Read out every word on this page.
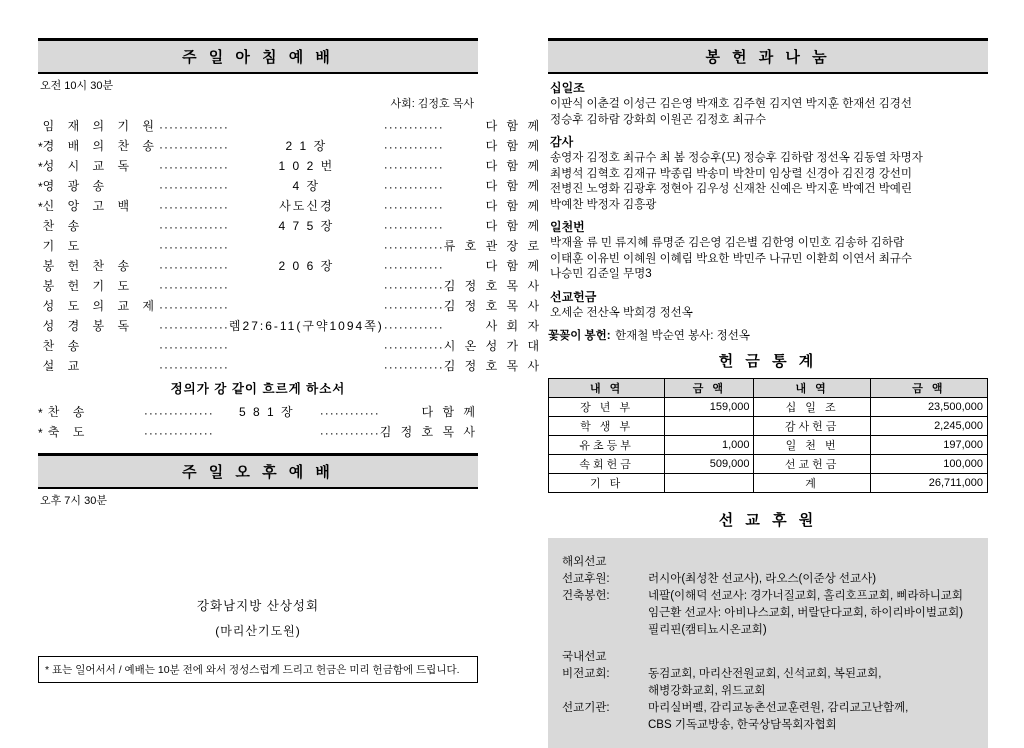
주 일 아 침 예 배
오전 10시 30분
사회: 김정호 목사
	임 재 의 기 원	··············		············	다 함 께
*	경 배 의 찬 송	··············	2 1 장	············	다 함 께
*	성 시 교 독	··············	1 0 2 번	············	다 함 께
*	영 광 송	··············	4 장	············	다 함 께
*	신 앙 고 백	··············	사도신경	············	다 함 께
	찬 송	··············	4 7 5 장	············	다 함 께
	기 도	··············		············	류 호 관 장 로
	봉 헌 찬 송	··············	2 0 6 장	············	다 함 께
	봉 헌 기 도	··············		············	김 정 호 목 사
	성 도 의 교 제	··············		············	김 정 호 목 사
	성 경 봉 독	··············	렘27:6-11(구약1094쪽)	············	사 회 자
	찬 송	··············		············	시 온 성 가 대
	설 교	··············		············	김 정 호 목 사
정의가 강 같이 흐르게 하소서
*	찬 송	··············	5 8 1 장	············	다 함 께
*	축 도	··············		············	김 정 호 목 사
주 일 오 후 예 배
오후 7시 30분
강화남지방 산상성회
(마리산기도원)
* 표는 일어서서 / 예배는 10분 전에 와서 정성스럽게 드리고 헌금은 미리 헌금함에 드립니다.
봉 헌 과 나 눔
십일조
이판식 이춘걸 이성근 김은영 박재호 김주현 김지연 박지훈 한재선 김경선
정승후 김하람 강화희 이원곤 김정호 최규수
감사
송영자 김정호 최규수 최 봄 정승후(모) 정승후 김하람 정선옥 김동열 차명자
최병석 김혁호 김재규 박종림 박송미 박찬미 임상렬 신경아 김진경 강선미
전병진 노영화 김광후 정현아 김우성 신재찬 신예은 박지훈 박예건 박예린
박예찬 박정자 김흥광
일천번
박재율 류 민 류지혜 류명준 김은영 김은별 김한영 이민호 김송하 김하람
이태훈 이유빈 이혜원 이혜림 박요한 박민주 나규민 이환희 이연서 최규수
나승민 김준일 무명3
선교헌금
오세순 전산옥 박희경 정선옥
꽃꽂이 봉헌: 한재철 박순연 봉사: 정선옥
헌 금 통 계
내 역	금 액	내 역	금 액
장 년 부	159,000	십 일 조	23,500,000
학 생 부		감사헌금	2,245,000
유초등부	1,000	일 천 번	197,000
속회헌금	509,000	선교헌금	100,000
기 타		계	26,711,000
선 교 후 원
해외선교
선교후원:	러시아(최성찬 선교사), 라오스(이준상 선교사)
건축봉헌:	네팔(이해덕 선교사: 경가너질교회, 홀리호프교회, 삐라하니교회
임근환 선교사: 아비나스교회, 버랄단다교회, 하이리바이벌교회)
필리핀(캠티뇨시온교회)
국내선교
비전교회:	동검교회, 마리산전원교회, 신석교회, 복된교회,
해병강화교회, 위드교회
선교기관:	마리실버펠, 감리교농촌선교훈련원, 감리교고난함께,
CBS 기독교방송, 한국상담목회자협회
